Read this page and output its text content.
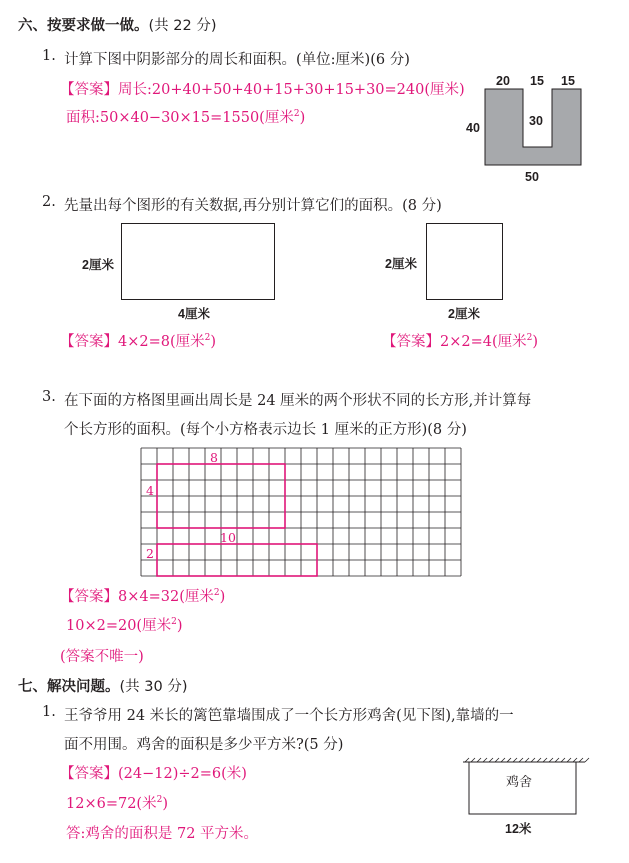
六、按要求做一做。(共 22 分)
1. 计算下图中阴影部分的周长和面积。(单位:厘米)(6 分)
【答案】周长:20+40+50+40+15+30+15+30=240(厘米)
面积:50×40−30×15=1550(厘米$^2$)
20 15 15
40	30
50
2. 先量出每个图形的有关数据,再分别计算它们的面积。(8 分)
2厘米
4厘米
2厘米
2厘米
【答案】4×2=8(厘米$^2$)	【答案】2×2=4(厘米$^2$)
3. 在下面的方格图里画出周长是 24 厘米的两个形状不同的长方形,并计算每
个长方形的面积。(每个小方格表示边长 1 厘米的正方形)(8 分)
8
4
10
2
【答案】8×4=32(厘米$^2$)
10×2=20(厘米$^2$)
(答案不唯一)
七、解决问题。(共 30 分)
1. 王爷爷用 24 米长的篱笆靠墙围成了一个长方形鸡舍(见下图),靠墙的一
面不用围。鸡舍的面积是多少平方米?(5 分)
【答案】(24−12)÷2=6(米)
12×6=72(米$^2$)
答:鸡舍的面积是 72 平方米。
鸡舍
12米
